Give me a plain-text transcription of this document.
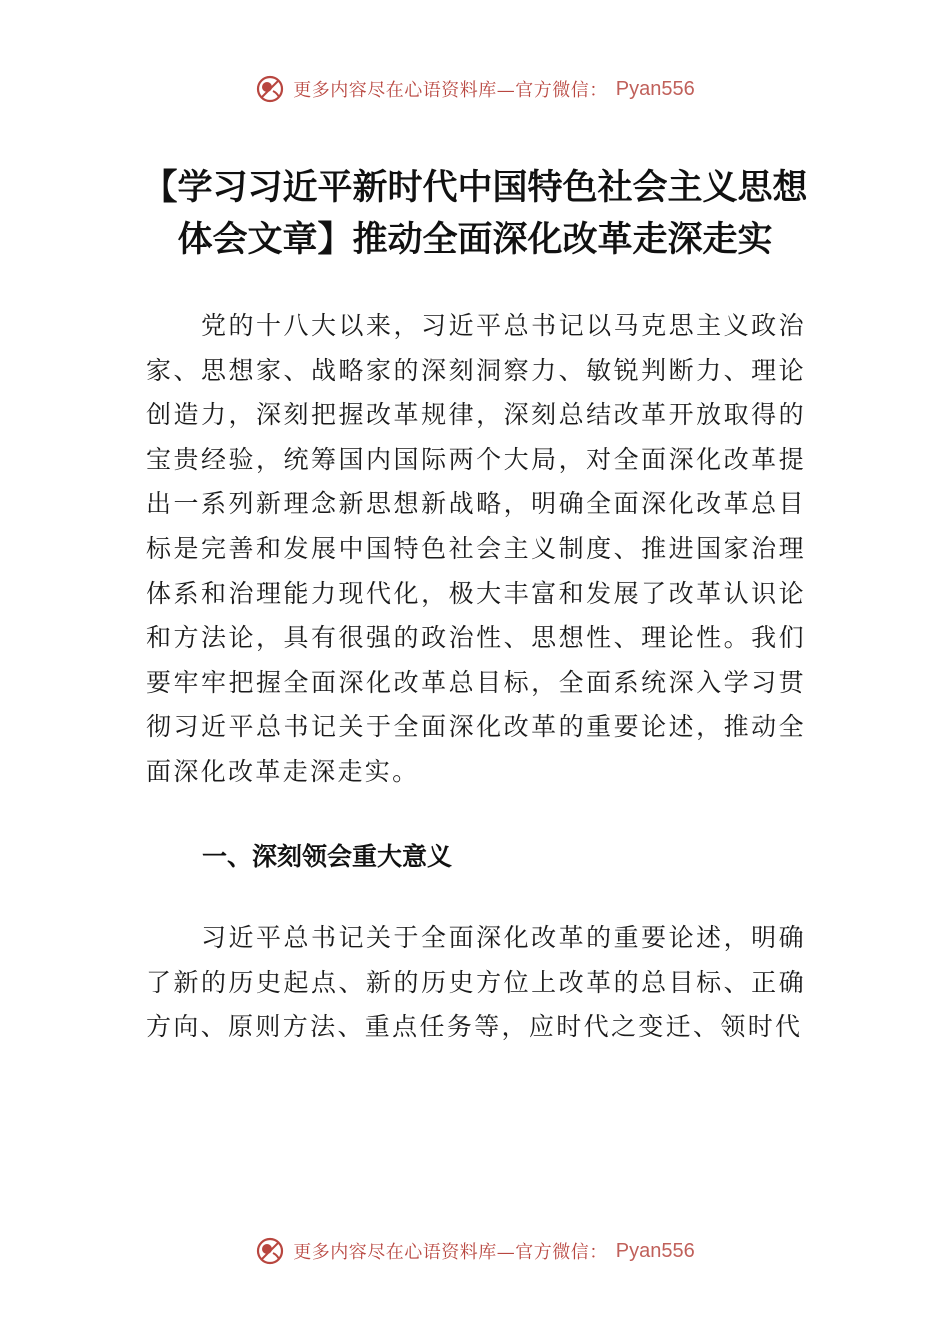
更多内容尽在心语资料库—官方微信： Pyan556
【学习习近平新时代中国特色社会主义思想体会文章】推动全面深化改革走深走实

党的十八大以来，习近平总书记以马克思主义政治家、思想家、战略家的深刻洞察力、敏锐判断力、理论创造力，深刻把握改革规律，深刻总结改革开放取得的宝贵经验，统筹国内国际两个大局，对全面深化改革提出一系列新理念新思想新战略，明确全面深化改革总目标是完善和发展中国特色社会主义制度、推进国家治理体系和治理能力现代化，极大丰富和发展了改革认识论和方法论，具有很强的政治性、思想性、理论性。我们要牢牢把握全面深化改革总目标，全面系统深入学习贯彻习近平总书记关于全面深化改革的重要论述，推动全面深化改革走深走实。

一、深刻领会重大意义

习近平总书记关于全面深化改革的重要论述，明确了新的历史起点、新的历史方位上改革的总目标、正确方向、原则方法、重点任务等，应时代之变迁、领时代

更多内容尽在心语资料库—官方微信： Pyan556
